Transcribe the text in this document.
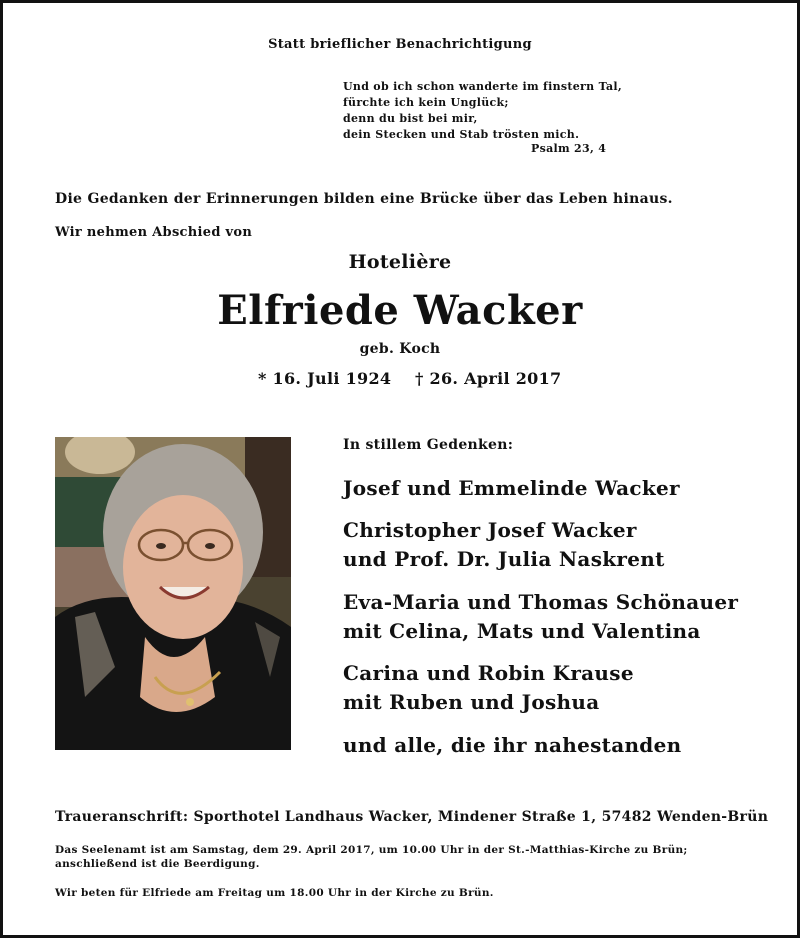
Statt brieflicher Benachrichtigung
Und ob ich schon wanderte im finstern Tal,
fürchte ich kein Unglück;
denn du bist bei mir,
dein Stecken und Stab trösten mich.
Psalm 23, 4
Die Gedanken der Erinnerungen bilden eine Brücke über das Leben hinaus.
Wir nehmen Abschied von
Hotelière
Elfriede Wacker
geb. Koch
* 16. Juli 1924 † 26. April 2017
In stillem Gedenken:
Josef und Emmelinde Wacker
Christopher Josef Wacker
und Prof. Dr. Julia Naskrent
Eva-Maria und Thomas Schönauer
mit Celina, Mats und Valentina
Carina und Robin Krause
mit Ruben und Joshua
und alle, die ihr nahestanden
Traueranschrift: Sporthotel Landhaus Wacker, Mindener Straße 1, 57482 Wenden-Brün
Das Seelenamt ist am Samstag, dem 29. April 2017, um 10.00 Uhr in der St.-Matthias-Kirche zu Brün; anschließend ist die Beerdigung.
Wir beten für Elfriede am Freitag um 18.00 Uhr in der Kirche zu Brün.
